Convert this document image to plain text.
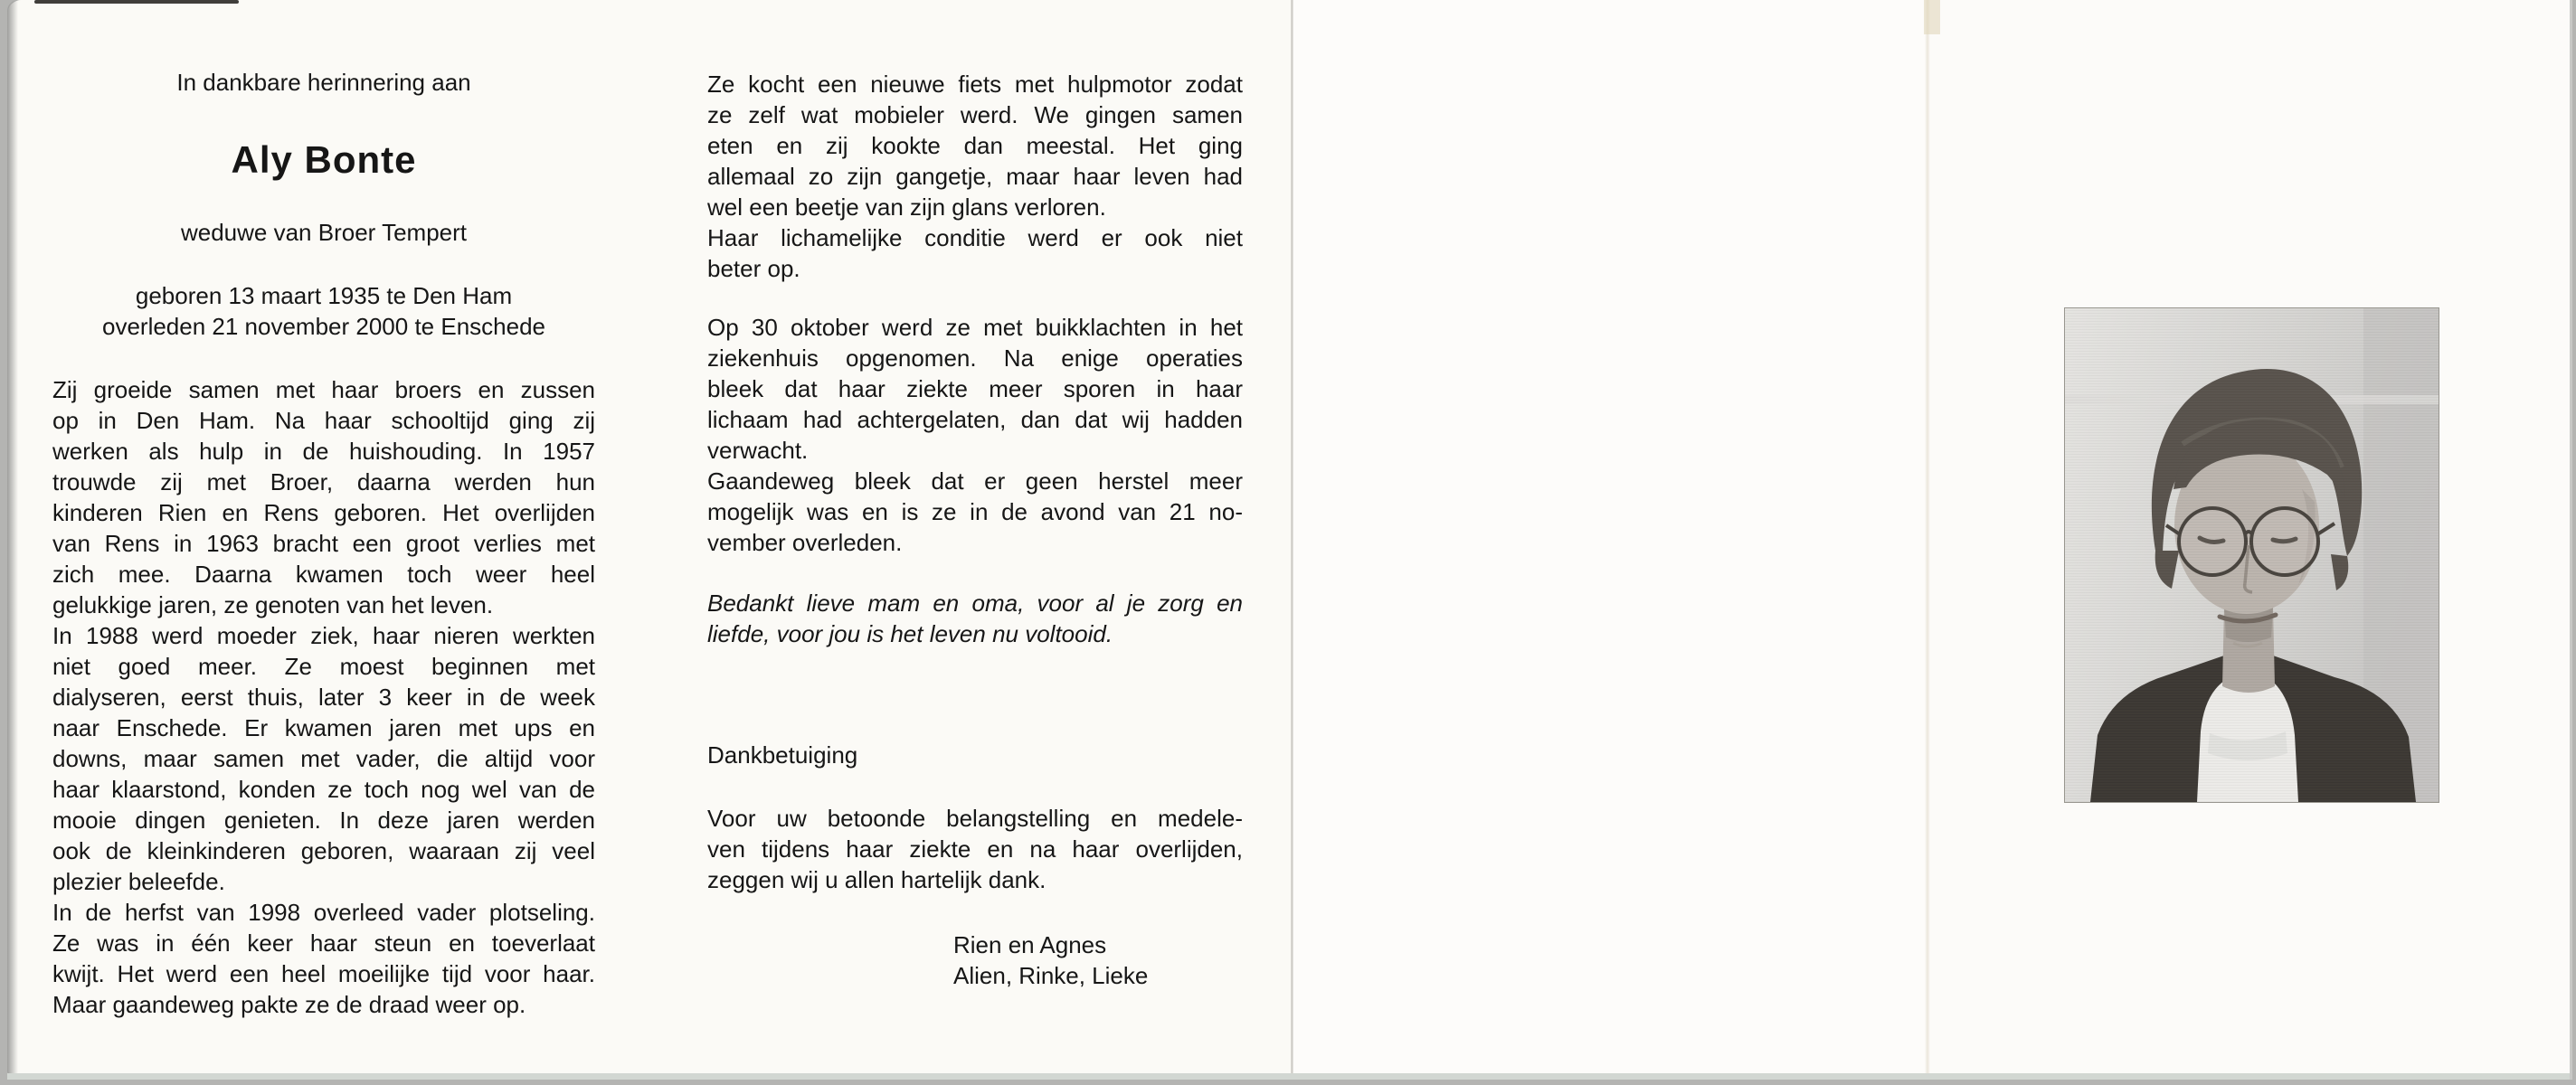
In dankbare herinnering aan
Aly Bonte
weduwe van Broer Tempert
geboren 13 maart 1935 te Den Ham
overleden 21 november 2000 te Enschede
Zij groeide samen met haar broers en zussen
op in Den Ham. Na haar schooltijd ging zij
werken als hulp in de huishouding. In 1957
trouwde zij met Broer, daarna werden hun
kinderen Rien en Rens geboren. Het overlijden
van Rens in 1963 bracht een groot verlies met
zich mee. Daarna kwamen toch weer heel
gelukkige jaren, ze genoten van het leven.
In 1988 werd moeder ziek, haar nieren werkten
niet goed meer. Ze moest beginnen met
dialyseren, eerst thuis, later 3 keer in de week
naar Enschede. Er kwamen jaren met ups en
downs, maar samen met vader, die altijd voor
haar klaarstond, konden ze toch nog wel van de
mooie dingen genieten. In deze jaren werden
ook de kleinkinderen geboren, waaraan zij veel
plezier beleefde.
In de herfst van 1998 overleed vader plotseling.
Ze was in één keer haar steun en toeverlaat
kwijt. Het werd een heel moeilijke tijd voor haar.
Maar gaandeweg pakte ze de draad weer op.
Ze kocht een nieuwe fiets met hulpmotor zodat
ze zelf wat mobieler werd. We gingen samen
eten en zij kookte dan meestal. Het ging
allemaal zo zijn gangetje, maar haar leven had
wel een beetje van zijn glans verloren.
Haar lichamelijke conditie werd er ook niet
beter op.
Op 30 oktober werd ze met buikklachten in het
ziekenhuis opgenomen. Na enige operaties
bleek dat haar ziekte meer sporen in haar
lichaam had achtergelaten, dan dat wij hadden
verwacht.
Gaandeweg bleek dat er geen herstel meer
mogelijk was en is ze in de avond van 21 no-
vember overleden.
Bedankt lieve mam en oma, voor al je zorg en
liefde, voor jou is het leven nu voltooid.
Dankbetuiging
Voor uw betoonde belangstelling en medele-
ven tijdens haar ziekte en na haar overlijden,
zeggen wij u allen hartelijk dank.
Rien en Agnes
Alien, Rinke, Lieke
